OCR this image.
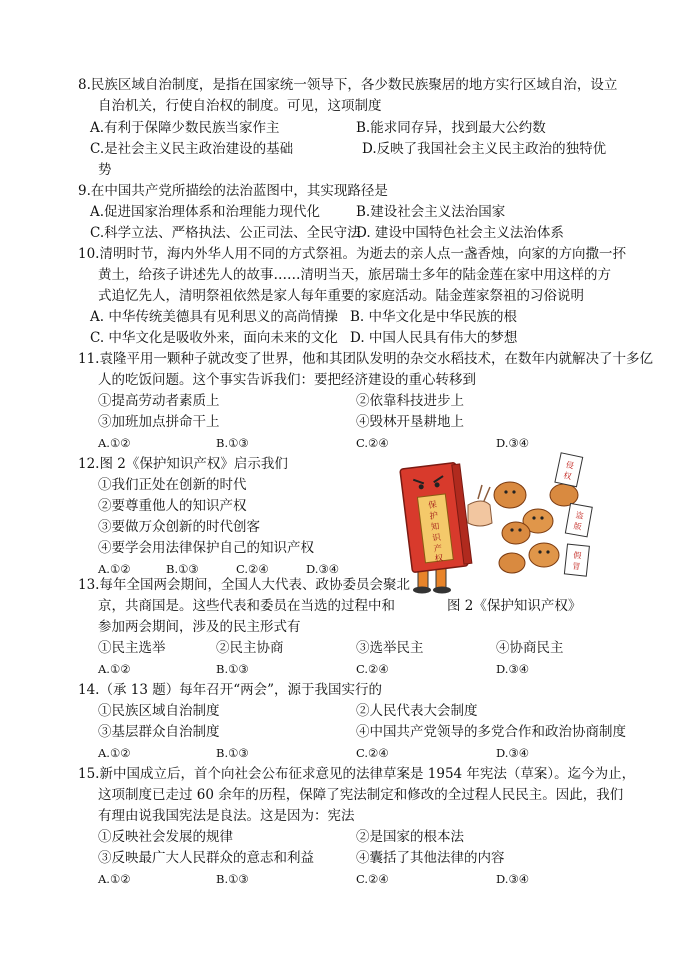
8.民族区域自治制度，是指在国家统一领导下，各少数民族聚居的地方实行区域自治，设立
自治机关，行使自治权的制度。可见，这项制度
A.有利于保障少数民族当家作主	B.能求同存异，找到最大公约数
C.是社会主义民主政治建设的基础	D.反映了我国社会主义民主政治的独特优
势
9.在中国共产党所描绘的法治蓝图中，其实现路径是
A.促进国家治理体系和治理能力现代化	B.建设社会主义法治国家
C.科学立法、严格执法、公正司法、全民守法
D. 建设中国特色社会主义法治体系
10.清明时节，海内外华人用不同的方式祭祖。为逝去的亲人点一盏香烛，向家的方向撒一抔
黄土，给孩子讲述先人的故事……清明当天，旅居瑞士多年的陆金莲在家中用这样的方
式追忆先人，清明祭祖依然是家人每年重要的家庭活动。陆金莲家祭祖的习俗说明
A. 中华传统美德具有见利思义的高尚情操 B. 中华文化是中华民族的根
C. 中华文化是吸收外来，面向未来的文化 D. 中国人民具有伟大的梦想
11.袁隆平用一颗种子就改变了世界，他和其团队发明的杂交水稻技术，在数年内就解决了十多亿
人的吃饭问题。这个事实告诉我们：要把经济建设的重心转移到
①提高劳动者素质上	②依靠科技进步上
③加班加点拼命干上	④毁林开垦耕地上
A.①②	B.①③	C.②④	D.③④
12.图 2《保护知识产权》启示我们
①我们正处在创新的时代
②要尊重他人的知识产权
③要做万众创新的时代创客
④要学会用法律保护自己的知识产权
A.①②	B.①③	C.②④	D.③④
保
护
知
识
产
权
侵
权
盗
版
假
冒
图 2《保护知识产权》
13.每年全国两会期间，全国人大代表、政协委员会聚北
京，共商国是。这些代表和委员在当选的过程中和
参加两会期间，涉及的民主形式有
①民主选举	②民主协商	③选举民主	④协商民主
A.①②	B.①③	C.②④	D.③④
14.（承 13 题）每年召开“两会”，源于我国实行的
①民族区域自治制度	②人民代表大会制度
③基层群众自治制度	④中国共产党领导的多党合作和政治协商制度
A.①②	B.①③	C.②④	D.③④
15.新中国成立后，首个向社会公布征求意见的法律草案是 1954 年宪法（草案）。迄今为止，
这项制度已走过 60 余年的历程，保障了宪法制定和修改的全过程人民民主。因此，我们
有理由说我国宪法是良法。这是因为：宪法
①反映社会发展的规律	②是国家的根本法
③反映最广大人民群众的意志和利益	④囊括了其他法律的内容
A.①②	B.①③	C.②④	D.③④
